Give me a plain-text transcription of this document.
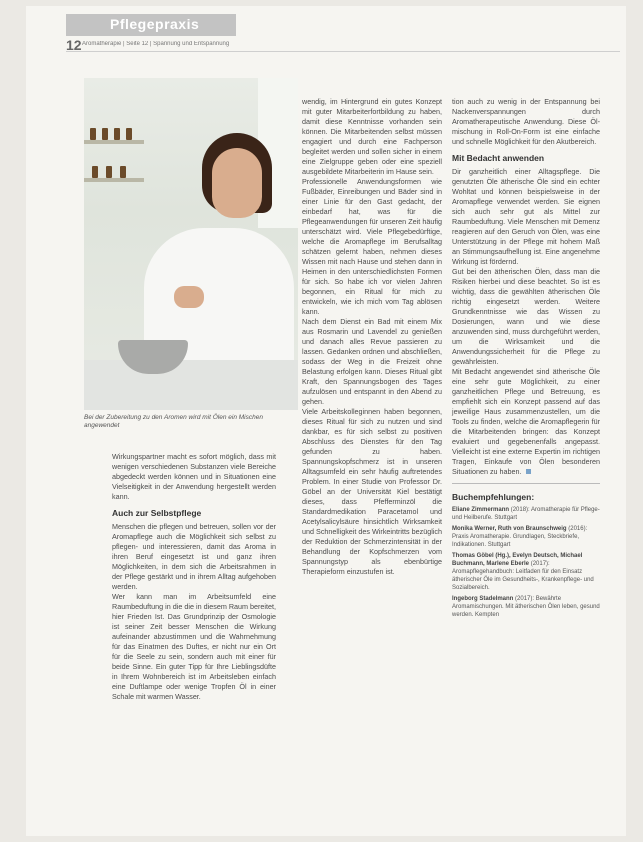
Pflegepraxis
12 Aromatherapie | Seite 12 | Spannung und Entspannung
Bei der Zubereitung zu den Aromen wird mit Ölen ein Mischen angewendet

Wirkungspartner macht es sofort möglich, dass mit wenigen verschiedenen Substanzen viele Bereiche abgedeckt werden können und in Situationen eine Vielseitigkeit in der Anwendung hergestellt werden kann.

Auch zur Selbstpflege

Menschen die pflegen und betreuen, sollen vor der Aromapflege auch die Möglichkeit sich selbst zu pflegen- und interessieren, damit das Aroma in ihren Beruf eingesetzt ist und ganz ihren Möglichkeiten, in dem sich die Arbeitsrahmen in der Pflege gestärkt und in ihrem Alltag aufgehoben werden.

Wer kann man im Arbeitsumfeld eine Raumbeduftung in die die in diesem Raum bereitet, hier Frieden Ist. Das Grundprinzip der Osmologie ist seiner Zeit besser Menschen die Wirkung aufeinander abzustimmen und die Wahrnehmung für das Einatmen des Duftes, er nicht nur ein Ort für die Seele zu sein, sondern auch mit einer für beide Sinne. Ein guter Tipp für Ihre Lieblingsdüfte in Ihrem Wohnbereich ist im Arbeitsleben einfach eine Duftlampe oder wenige Tropfen Öl in einer Schale mit warmen Wasser.

wendig, im Hintergrund ein gutes Konzept mit guter Mitarbeiterfortbildung zu haben, damit diese Kenntnisse vorhanden sein können. Die Mitarbeitenden selbst müssen engagiert und durch eine Fachperson begleitet werden und sollen sicher in einem eine Zielgruppe geben oder eine speziell ausgebildete Mitarbeiterin im Hause sein.

Professionelle Anwendungsformen wie Fußbäder, Einreibungen und Bäder sind in einer Linie für den Gast gedacht, der einbedarf hat, was für die Pflegeanwendungen für unseren Zeit häufig unterschätzt wird. Viele Pflegebedürftige, welche die Aromapflege im Berufsalltag schätzen gelernt haben, nehmen dieses Wissen mit nach Hause und stehen dann in Heimen in den unterschiedlichsten Formen für sich. So habe ich vor vielen Jahren begonnen, ein Ritual für mich zu entwickeln, wie ich mich vom Tag ablösen kann.

Nach dem Dienst ein Bad mit einem Mix aus Rosmarin und Lavendel zu genießen und danach alles Revue passieren zu lassen. Gedanken ordnen und abschließen, sodass der Weg in die Freizeit ohne Belastung erfolgen kann. Dieses Ritual gibt Kraft, den Spannungsbogen des Tages aufzulösen und entspannt in den Abend zu gehen.

Viele Arbeitskolleginnen haben begonnen, dieses Ritual für sich zu nutzen und sind dankbar, es für sich selbst zu positiven Abschluss des Dienstes für den Tag gefunden zu haben. Spannungskopfschmerz ist in unseren Alltagsumfeld ein sehr häufig auftretendes Problem. In einer Studie von Professor Dr. Göbel an der Universität Kiel bestätigt dieses, dass Pfefferminzöl die Standardmedikation Paracetamol und Acetylsalicylsäure hinsichtlich Wirksamkeit und Schnelligkeit des Wirkeintritts bezüglich der Reduktion der Schmerzintensität in der Behandlung der Kopfschmerzen vom Spannungstyp als ebenbürtige Therapieform einzustufen ist.

tion auch zu wenig in der Entspannung bei Nackenverspannungen durch Aromatherapeutische Anwendung. Diese Öl-mischung in Roll-On-Form ist eine einfache und schnelle Möglichkeit für den Akutbereich.

Mit Bedacht anwenden

Dir ganzheitlich einer Alltagspflege. Die genutzten Öle ätherische Öle sind ein echter Wohltat und können beispielsweise in der Aromapflege verwendet werden. Sie eignen sich auch sehr gut als Mittel zur Raumbeduftung. Viele Menschen mit Demenz reagieren auf den Geruch von Ölen, was eine Unterstützung in der Pflege mit hohem Maß an Stimmungsaufhellung ist. Eine angenehme Wirkung ist fördernd.

Gut bei den ätherischen Ölen, dass man die Risiken hierbei und diese beachtet. So ist es wichtig, dass die gewählten ätherischen Öle richtig eingesetzt werden. Weitere Grundkenntnisse wie das Wissen zu Dosierungen, wann und wie diese anzuwenden sind, muss durchgeführt werden, um die Wirksamkeit und die Anwendungssicherheit für die Pflege zu gewährleisten.

Mit Bedacht angewendet sind ätherische Öle eine sehr gute Möglichkeit, zu einer ganzheitlichen Pflege und Betreuung, es empfiehlt sich ein Konzept passend auf das jeweilige Haus zusammenzustellen, um die Tools zu finden, welche die Aromapflegerin für die Mitarbeitenden bringen: das Konzept evaluiert und gegebenenfalls angepasst. Vielleicht ist eine externe Expertin im richtigen Tragen, Einkaufe von Ölen besonderen Situationen zu haben.

Buchempfehlungen:
Eliane Zimmermann (2018): Aromatherapie für Pflege- und Heilberufe. Stuttgart
Monika Werner, Ruth von Braunschweig (2016): Praxis Aromatherapie. Grundlagen, Steckbriefe, Indikationen. Stuttgart
Thomas Göbel (Hg.), Evelyn Deutsch, Michael Buchmann, Marlene Eberle (2017): Aromapflegehandbuch: Leitfaden für den Einsatz ätherischer Öle im Gesundheits-, Krankenpflege- und Sozialbereich.
Ingeborg Stadelmann (2017): Bewährte Aromamischungen. Mit ätherischen Ölen leben, gesund werden. Kempten
